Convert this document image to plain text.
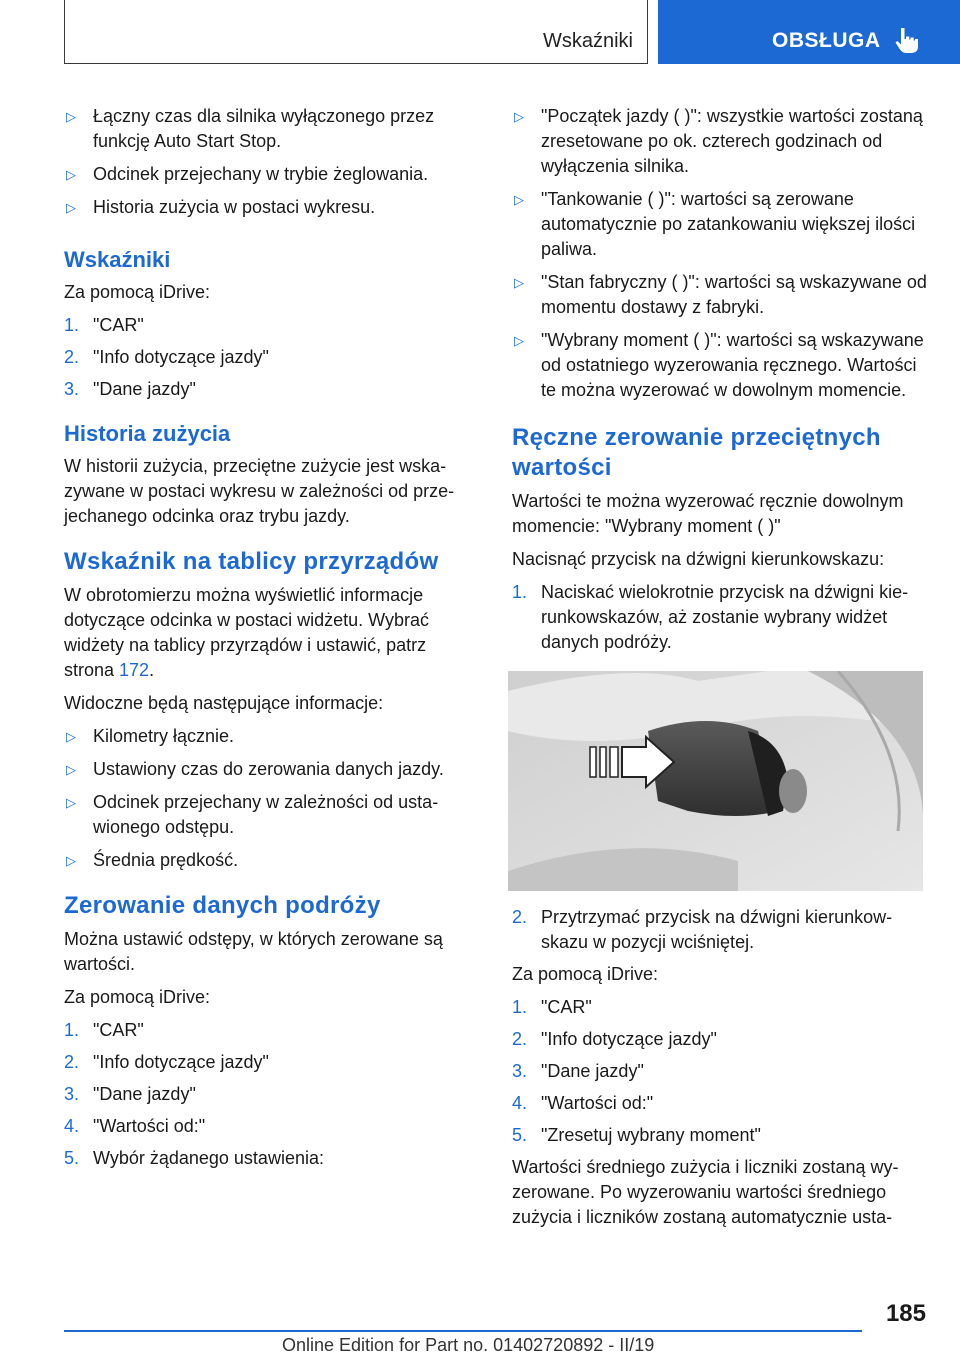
Wskaźniki	OBSŁUGA
▷ Łączny czas dla silnika wyłączonego przez funkcję Auto Start Stop.
▷ Odcinek przejechany w trybie żeglowania.
▷ Historia zużycia w postaci wykresu.
Wskaźniki

Za pomocą iDrive:

1. "CAR"
2. "Info dotyczące jazdy"
3. "Dane jazdy"
Historia zużycia

W historii zużycia, przeciętne zużycie jest wskazywane w postaci wykresu w zależności od przejechanego odcinka oraz trybu jazdy.

Wskaźnik na tablicy przyrządów

W obrotomierzu można wyświetlić informacje dotyczące odcinka w postaci widżetu. Wybrać widżety na tablicy przyrządów i ustawić, patrz strona 172.

Widoczne będą następujące informacje:

▷ Kilometry łącznie.
▷ Ustawiony czas do zerowania danych jazdy.
▷ Odcinek przejechany w zależności od ustawionego odstępu.
▷ Średnia prędkość.
Zerowanie danych podróży

Można ustawić odstępy, w których zerowane są wartości.

Za pomocą iDrive:

1. "CAR"
2. "Info dotyczące jazdy"
3. "Dane jazdy"
4. "Wartości od:"
5. Wybór żądanego ustawienia:
▷ "Początek jazdy ( )": wszystkie wartości zostaną zresetowane po ok. czterech godzinach od wyłączenia silnika.
▷ "Tankowanie ( )": wartości są zerowane automatycznie po zatankowaniu większej ilości paliwa.
▷ "Stan fabryczny ( )": wartości są wskazywane od momentu dostawy z fabryki.
▷ "Wybrany moment ( )": wartości są wskazywane od ostatniego wyzerowania ręcznego. Wartości te można wyzerować w dowolnym momencie.
Ręczne zerowanie przeciętnych wartości

Wartości te można wyzerować ręcznie dowolnym momencie: "Wybrany moment ( )"

Nacisnąć przycisk na dźwigni kierunkowskazu:

1. Naciskać wielokrotnie przycisk na dźwigni kierunkowskazów, aż zostanie wybrany widżet danych podróży.
2. Przytrzymać przycisk na dźwigni kierunkowskazu w pozycji wciśniętej.

Za pomocą iDrive:

1. "CAR"
2. "Info dotyczące jazdy"
3. "Dane jazdy"
4. "Wartości od:"
5. "Zresetuj wybrany moment"

Wartości średniego zużycia i liczniki zostaną wyzerowane. Po wyzerowaniu wartości średniego zużycia i liczników zostaną automatycznie usta-

185
Online Edition for Part no. 01402720892 - II/19
